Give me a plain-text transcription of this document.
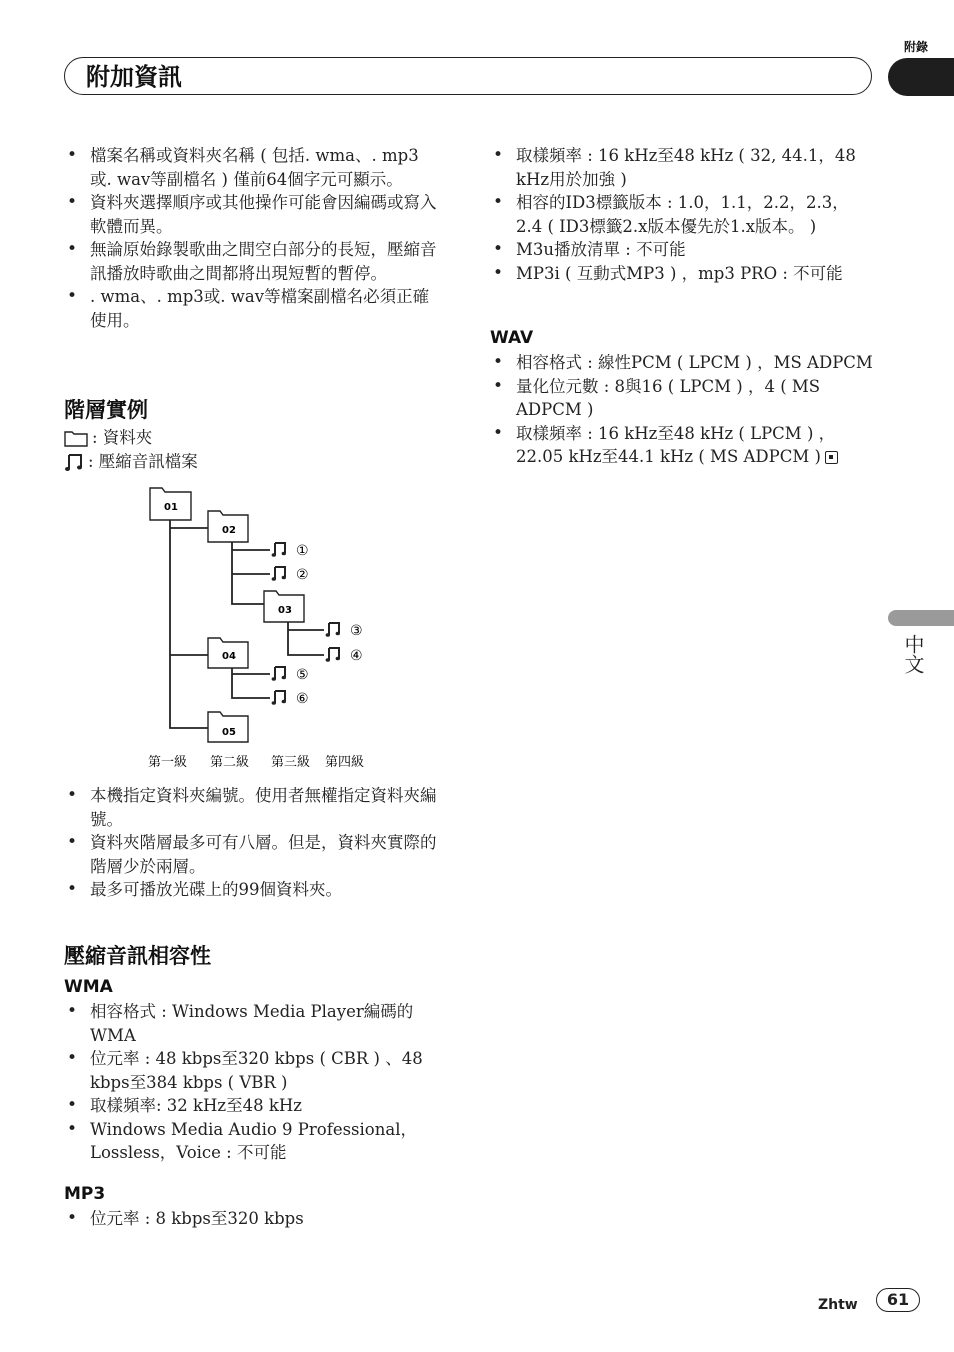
附錄
附加資訊
中文
• 檔案名稱或資料夾名稱 ( 包括. wma、. mp3或. wav等副檔名 ) 僅前64個字元可顯示。
• 資料夾選擇順序或其他操作可能會因編碼或寫入軟體而異。
• 無論原始錄製歌曲之間空白部分的長短，壓縮音訊播放時歌曲之間都將出現短暫的暫停。
• . wma、. mp3或. wav等檔案副檔名必須正確使用。
階層實例
: 資料夾
: 壓縮音訊檔案
01
02
03
04
05
①
②
③
④
⑤
⑥
第一級 第二級 第三級 第四級
• 本機指定資料夾編號。使用者無權指定資料夾編號。
• 資料夾階層最多可有八層。但是，資料夾實際的階層少於兩層。
• 最多可播放光碟上的99個資料夾。
壓縮音訊相容性
WMA
• 相容格式 : Windows Media Player編碼的WMA
• 位元率 : 48 kbps至320 kbps ( CBR ) 、48 kbps至384 kbps ( VBR )
• 取樣頻率: 32 kHz至48 kHz
• Windows Media Audio 9 Professional，Lossless，Voice : 不可能
MP3
• 位元率 : 8 kbps至320 kbps
• 取樣頻率 : 16 kHz至48 kHz ( 32, 44.1，48 kHz用於加強 )
• 相容的ID3標籤版本 : 1.0，1.1，2.2，2.3，2.4 ( ID3標籤2.x版本優先於1.x版本。 )
• M3u播放清單 : 不可能
• MP3i ( 互動式MP3 ) ，mp3 PRO : 不可能
WAV
• 相容格式 : 線性PCM ( LPCM ) ，MS ADPCM
• 量化位元數 : 8與16 ( LPCM ) ，4 ( MS ADPCM )
• 取樣頻率 : 16 kHz至48 kHz ( LPCM ) ，22.05 kHz至44.1 kHz ( MS ADPCM )
Zhtw	61
